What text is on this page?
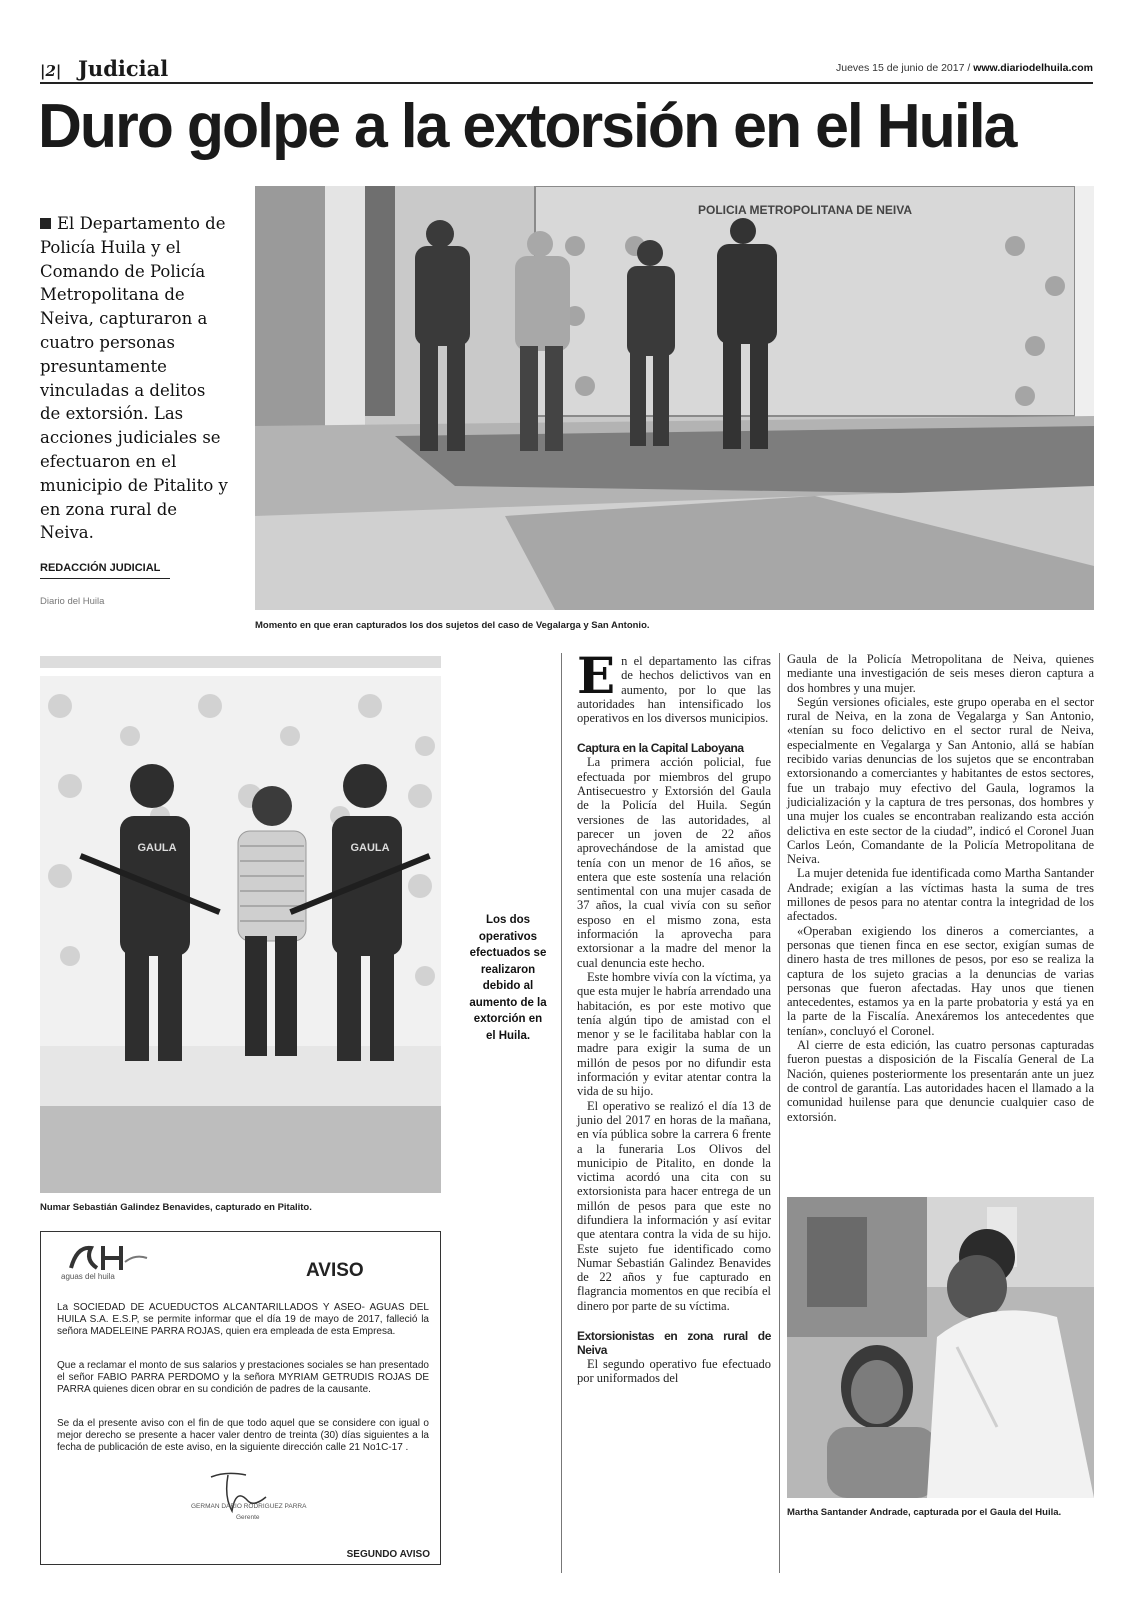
|2| Judicial	Jueves 15 de junio de 2017 / www.diariodelhuila.com
Duro golpe a la extorsión en el Huila
El Departamento de Policía Huila y el Comando de Policía Metropolitana de Neiva, capturaron a cuatro personas presuntamente vinculadas a delitos de extorsión. Las acciones judiciales se efectuaron en el municipio de Pitalito y en zona rural de Neiva.
REDACCIÓN JUDICIAL
Diario del Huila
POLICIA METROPOLITANA DE NEIVA
Momento en que eran capturados los dos sujetos del caso de Vegalarga y San Antonio.
GAULA	GAULA
Numar Sebastián Galindez Benavides, capturado en Pitalito.
Los dos operativos efectuados se realizaron debido al aumento de la extorción en el Huila.

En el departamento las cifras de hechos delictivos van en aumento, por lo que las autoridades han intensificado los operativos en los diversos municipios.

Captura en la Capital Laboyana

La primera acción policial, fue efectuada por miembros del grupo Antisecuestro y Extorsión del Gaula de la Policía del Huila. Según versiones de las autoridades, al parecer un joven de 22 años aprovechándose de la amistad que tenía con un menor de 16 años, se entera que este sostenía una relación sentimental con una mujer casada de 37 años, la cual vivía con su señor esposo en el mismo zona, esta información la aprovecha para extorsionar a la madre del menor la cual denuncia este hecho.

Este hombre vivía con la víctima, ya que esta mujer le habría arrendado una habitación, es por este motivo que tenía algún tipo de amistad con el menor y se le facilitaba hablar con la madre para exigir la suma de un millón de pesos por no difundir esta información y evitar atentar contra la vida de su hijo.

El operativo se realizó el día 13 de junio del 2017 en horas de la mañana, en vía pública sobre la carrera 6 frente a la funeraria Los Olivos del municipio de Pitalito, en donde la victima acordó una cita con su extorsionista para hacer entrega de un millón de pesos para que este no difundiera la información y así evitar que atentara contra la vida de su hijo. Este sujeto fue identificado como Numar Sebastián Galindez Benavides de 22 años y fue capturado en flagrancia momentos en que recibía el dinero por parte de su víctima.

Extorsionistas en zona rural de Neiva

El segundo operativo fue efectuado por uniformados del

Gaula de la Policía Metropolitana de Neiva, quienes mediante una investigación de seis meses dieron captura a dos hombres y una mujer.

Según versiones oficiales, este grupo operaba en el sector rural de Neiva, en la zona de Vegalarga y San Antonio, «tenían su foco delictivo en el sector rural de Neiva, especialmente en Vegalarga y San Antonio, allá se habían recibido varias denuncias de los sujetos que se encontraban extorsionando a comerciantes y habitantes de estos sectores, fue un trabajo muy efectivo del Gaula, logramos la judicialización y la captura de tres personas, dos hombres y una mujer los cuales se encontraban realizando esta acción delictiva en este sector de la ciudad”, indicó el Coronel Juan Carlos León, Comandante de la Policía Metropolitana de Neiva.

La mujer detenida fue identificada como Martha Santander Andrade; exigían a las víctimas hasta la suma de tres millones de pesos para no atentar contra la integridad de los afectados.

«Operaban exigiendo los dineros a comerciantes, a personas que tienen finca en ese sector, exigían sumas de dinero hasta de tres millones de pesos, por eso se realiza la captura de los sujeto gracias a la denuncias de varias personas que fueron afectadas. Hay unos que tienen antecedentes, estamos ya en la parte probatoria y está ya en la parte de la Fiscalía. Anexáremos los antecedentes que tenían», concluyó el Coronel.

Al cierre de esta edición, las cuatro personas capturadas fueron puestas a disposición de la Fiscalía General de La Nación, quienes posteriormente los presentarán ante un juez de control de garantía. Las autoridades hacen el llamado a la comunidad huilense para que denuncie cualquier caso de extorsión.

Martha Santander Andrade, capturada por el Gaula del Huila.
aguas del huila	AVISO
La SOCIEDAD DE ACUEDUCTOS ALCANTARILLADOS Y ASEO- AGUAS DEL HUILA S.A. E.S.P, se permite informar que el día 19 de mayo de 2017, falleció la señora MADELEINE PARRA ROJAS, quien era empleada de esta Empresa.
Que a reclamar el monto de sus salarios y prestaciones sociales se han presentado el señor FABIO PARRA PERDOMO y la señora MYRIAM GETRUDIS ROJAS DE PARRA quienes dicen obrar en su condición de padres de la causante.
Se da el presente aviso con el fin de que todo aquel que se considere con igual o mejor derecho se presente a hacer valer dentro de treinta (30) días siguientes a la fecha de publicación de este aviso, en la siguiente dirección calle 21 No1C-17 .
GERMAN DARIO RODRIGUEZ PARRA
Gerente
SEGUNDO AVISO
